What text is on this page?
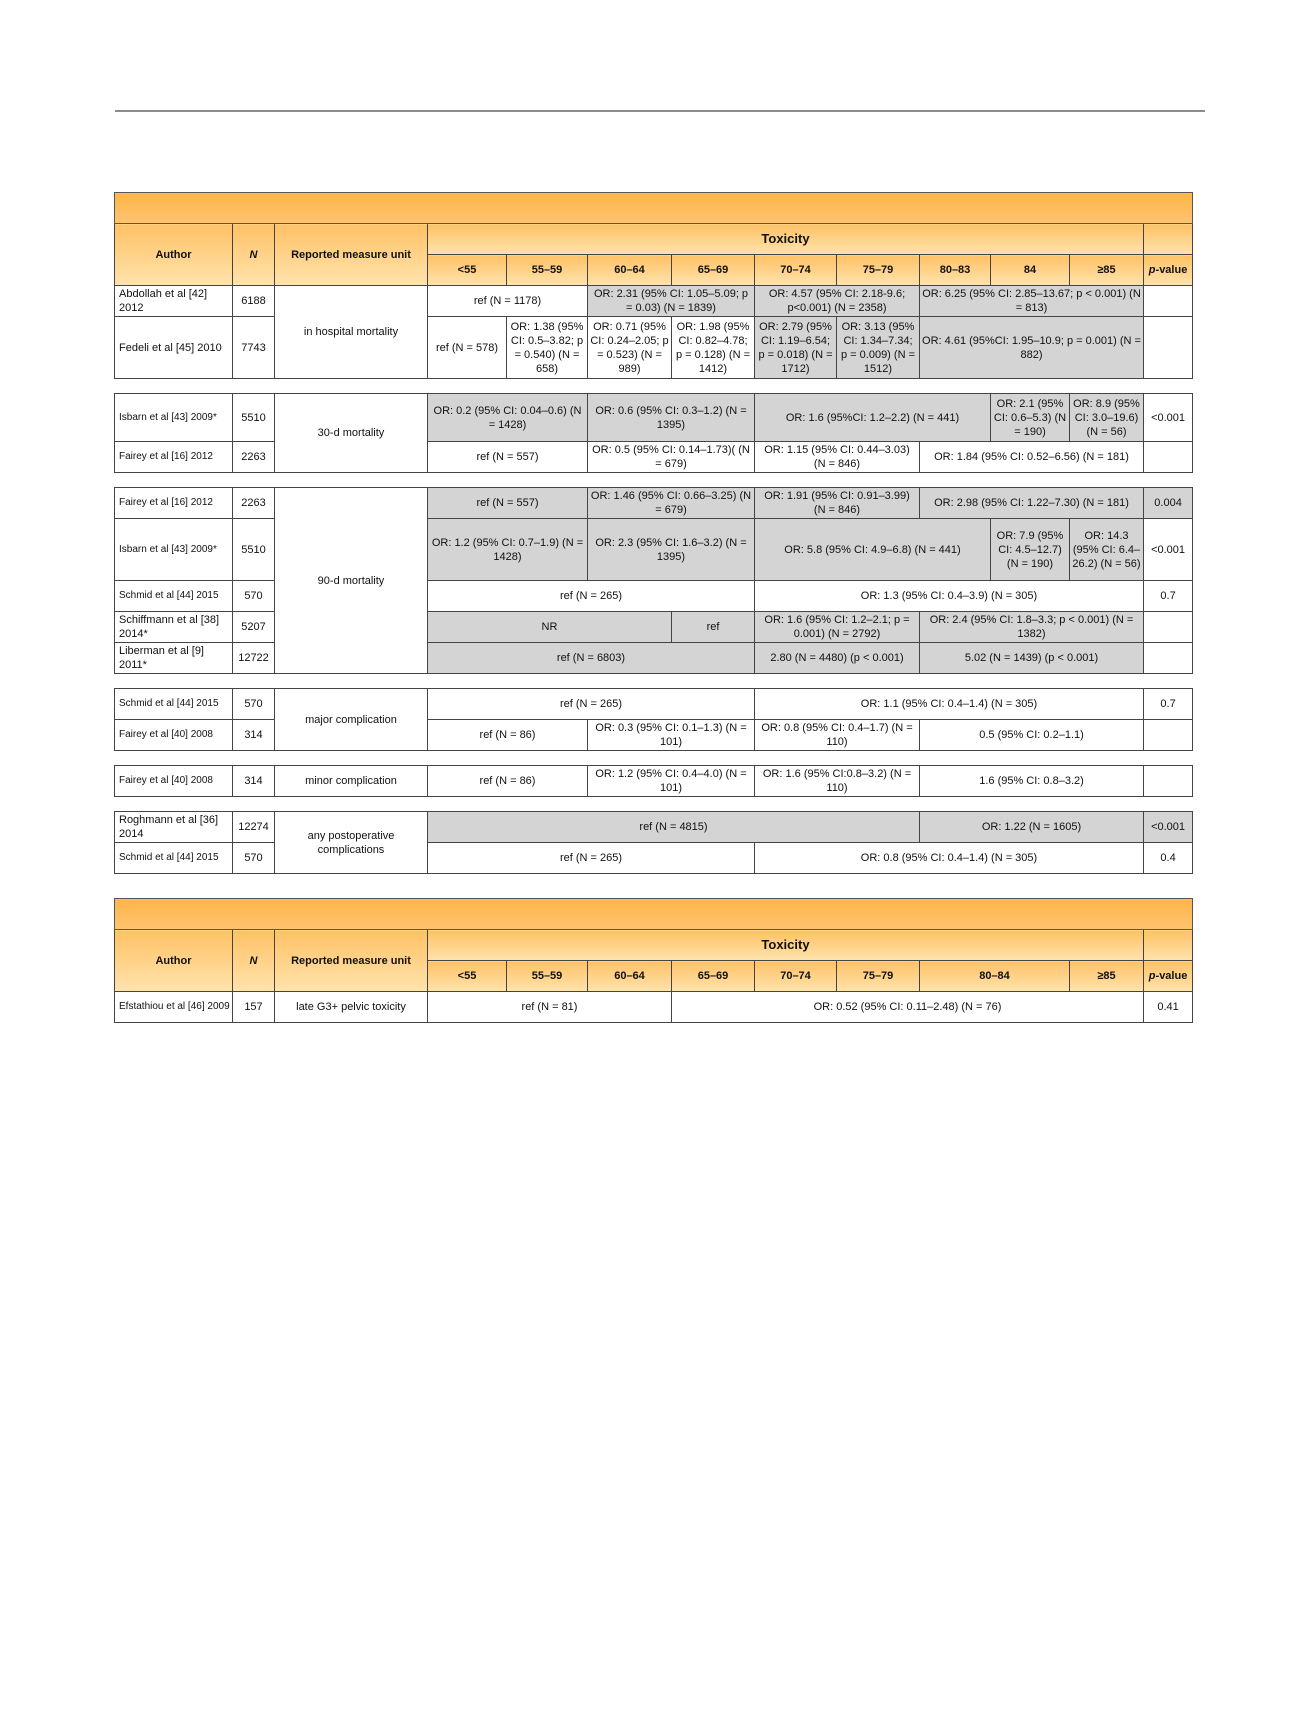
Author	N	Reported measure unit	Toxicity									
			<55	55–59	60–64	65–69	70–74	75–79	80–83	84	≥85	p-value
Abdollah et al [42] 2012	6188	in hospital mortality	ref (N = 1178)		OR: 2.31 (95% CI: 1.05–5.09; p = 0.03) (N = 1839)		OR: 4.57 (95% CI: 2.18-9.6; p<0.001) (N = 2358)		OR: 6.25 (95% CI: 2.85–13.67; p < 0.001) (N = 813)			
Fedeli et al [45] 2010	7743		ref (N = 578)	OR: 1.38 (95% CI: 0.5–3.82; p = 0.540) (N = 658)	OR: 0.71 (95% CI: 0.24–2.05; p = 0.523) (N = 989)	OR: 1.98 (95% CI: 0.82–4.78; p = 0.128) (N = 1412)	OR: 2.79 (95% CI: 1.19–6.54; p = 0.018) (N = 1712)	OR: 3.13 (95% CI: 1.34–7.34; p = 0.009) (N = 1512)	OR: 4.61 (95%CI: 1.95–10.9; p = 0.001) (N = 882)			

Isbarn et al [43] 2009*	5510	30-d mortality	OR: 0.2 (95% CI: 0.04–0.6) (N = 1428)		OR: 0.6 (95% CI: 0.3–1.2) (N = 1395)		OR: 1.6 (95%CI: 1.2–2.2) (N = 441)			OR: 2.1 (95% CI: 0.6–5.3) (N = 190)	OR: 8.9 (95% CI: 3.0–19.6) (N = 56)	<0.001
Fairey et al [16] 2012	2263		ref (N = 557)		OR: 0.5 (95% CI: 0.14–1.73)( (N = 679)		OR: 1.15 (95% CI: 0.44–3.03) (N = 846)		OR: 1.84 (95% CI: 0.52–6.56) (N = 181)			

Fairey et al [16] 2012	2263	90-d mortality	ref (N = 557)		OR: 1.46 (95% CI: 0.66–3.25) (N = 679)		OR: 1.91 (95% CI: 0.91–3.99) (N = 846)		OR: 2.98 (95% CI: 1.22–7.30) (N = 181)			0.004
Isbarn et al [43] 2009*	5510		OR: 1.2 (95% CI: 0.7–1.9) (N = 1428)		OR: 2.3 (95% CI: 1.6–3.2) (N = 1395)		OR: 5.8 (95% CI: 4.9–6.8) (N = 441)			OR: 7.9 (95% CI: 4.5–12.7) (N = 190)	OR: 14.3 (95% CI: 6.4–26.2) (N = 56)	<0.001
Schmid et al [44] 2015	570		ref (N = 265)				OR: 1.3 (95% CI: 0.4–3.9) (N = 305)					0.7
Schiffmann et al [38] 2014*	5207		NR			ref	OR: 1.6 (95% CI: 1.2–2.1; p = 0.001) (N = 2792)		OR: 2.4 (95% CI: 1.8–3.3; p < 0.001) (N = 1382)			
Liberman et al [9] 2011*	12722		ref (N = 6803)				2.80 (N = 4480) (p < 0.001)		5.02 (N = 1439) (p < 0.001)			

Schmid et al [44] 2015	570	major complication	ref (N = 265)				OR: 1.1 (95% CI: 0.4–1.4) (N = 305)					0.7
Fairey et al [40] 2008	314		ref (N = 86)		OR: 0.3 (95% CI: 0.1–1.3) (N = 101)		OR: 0.8 (95% CI: 0.4–1.7) (N = 110)		0.5 (95% CI: 0.2–1.1)			

Fairey et al [40] 2008	314	minor complication	ref (N = 86)		OR: 1.2 (95% CI: 0.4–4.0) (N = 101)		OR: 1.6 (95% CI:0.8–3.2) (N = 110)		1.6 (95% CI: 0.8–3.2)			

Roghmann et al [36] 2014	12274	any postoperative complications	ref (N = 4815)						OR: 1.22 (N = 1605)			<0.001
Schmid et al [44] 2015	570		ref (N = 265)				OR: 0.8 (95% CI: 0.4–1.4) (N = 305)					0.4

Author	N	Reported measure unit	Toxicity								
			<55	55–59	60–64	65–69	70–74	75–79	80–84	≥85	p-value
Efstathiou et al [46] 2009	157	late G3+ pelvic toxicity	ref (N = 81)			OR: 0.52 (95% CI: 0.11–2.48) (N = 76)					0.41
